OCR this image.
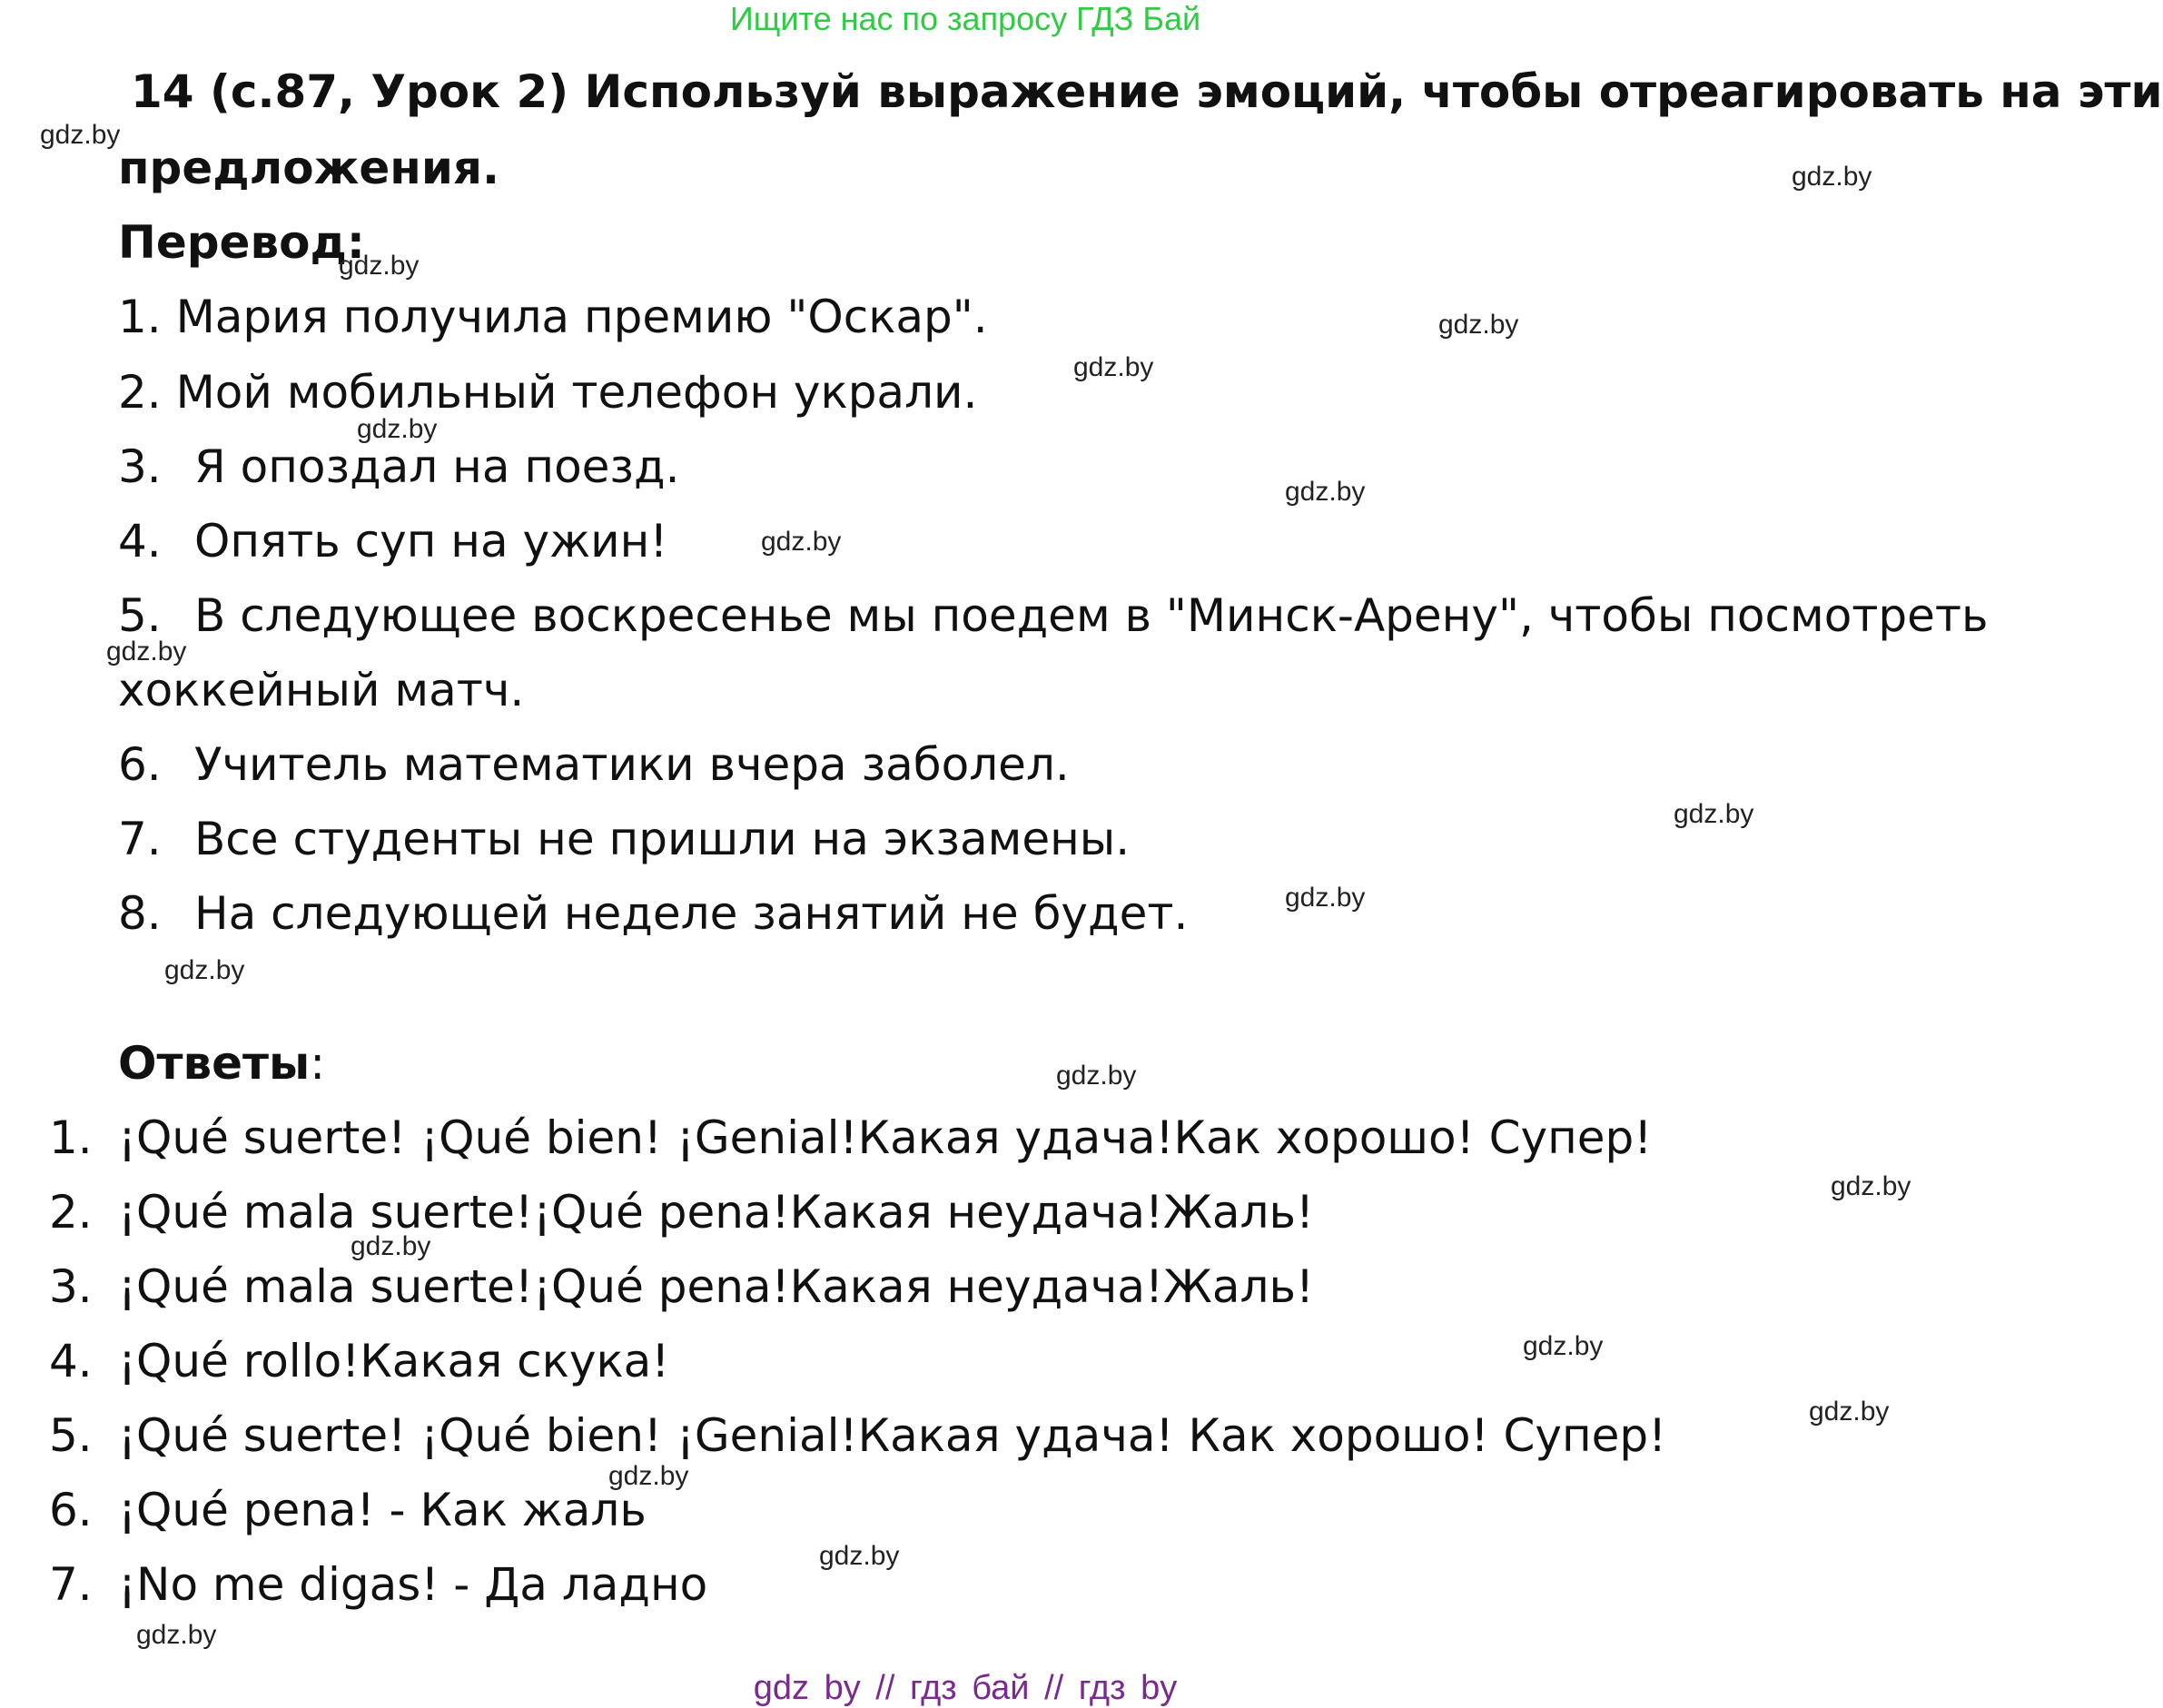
Ищите нас по запросу ГДЗ Бай
14 (с.87, Урок 2) Используй выражение эмоций, чтобы отреагировать на эти
предложения.
Перевод:
1. Мария получила премию "Оскар".
2. Мой мобильный телефон украли.
3. Я опоздал на поезд.
4. Опять суп на ужин!
5. В следующее воскресенье мы поедем в "Минск-Арену", чтобы посмотреть
хоккейный матч.
6. Учитель математики вчера заболел.
7. Все студенты не пришли на экзамены.
8. На следующей неделе занятий не будет.
Ответы:
1. ¡Qué suerte! ¡Qué bien! ¡Genial!Какая удача!Как хорошо! Супер!
2. ¡Qué mala suerte!¡Qué pena!Какая неудача!Жаль!
3. ¡Qué mala suerte!¡Qué pena!Какая неудача!Жаль!
4. ¡Qué rollo!Какая скука!
5. ¡Qué suerte! ¡Qué bien! ¡Genial!Какая удача! Как хорошо! Супер!
6. ¡Qué pena! - Как жаль
7. ¡No me digas! - Да ладно
gdz.by
gdz.by
gdz.by
gdz.by
gdz.by
gdz.by
gdz.by
gdz.by
gdz.by
gdz.by
gdz.by
gdz.by
gdz.by
gdz.by
gdz.by
gdz.by
gdz.by
gdz.by
gdz.by
gdz.by
gdz by // гдз бай // гдз by
